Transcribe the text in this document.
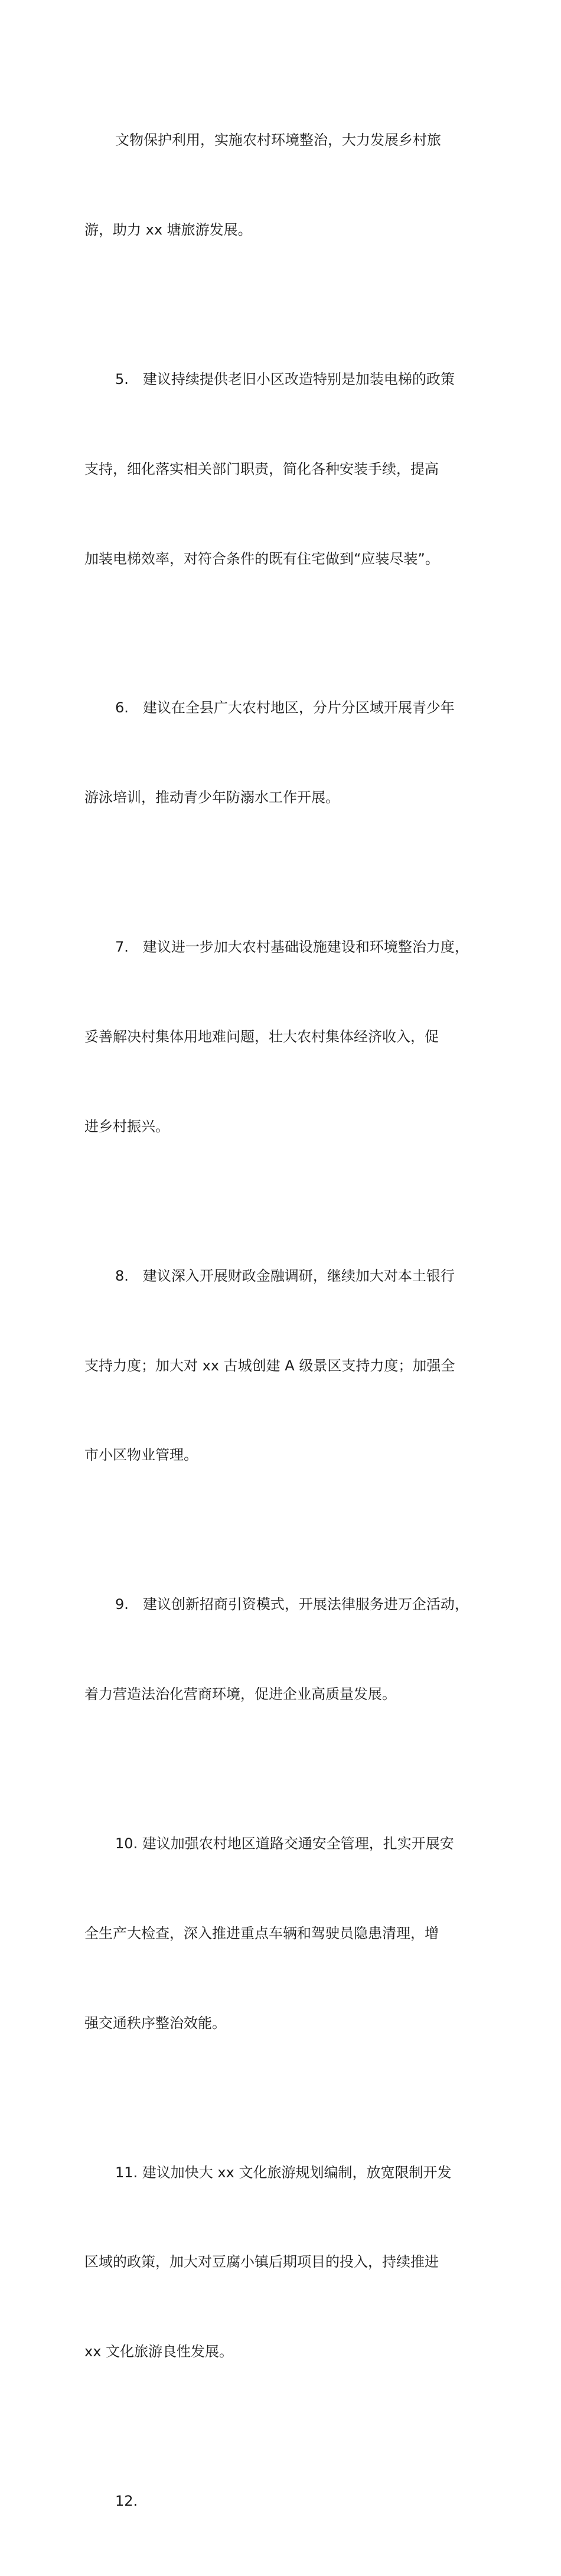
文物保护利用，实施农村环境整治，大力发展乡村旅

游，助力 xx 塘旅游发展。

5.　建议持续提供老旧小区改造特别是加装电梯的政策

支持，细化落实相关部门职责，简化各种安装手续，提高

加装电梯效率，对符合条件的既有住宅做到“应装尽装”。

6.　建议在全县广大农村地区，分片分区域开展青少年

游泳培训，推动青少年防溺水工作开展。

7.　建议进一步加大农村基础设施建设和环境整治力度，

妥善解决村集体用地难问题，壮大农村集体经济收入，促

进乡村振兴。

8.　建议深入开展财政金融调研，继续加大对本土银行

支持力度；加大对 xx 古城创建 A 级景区支持力度；加强全

市小区物业管理。

9.　建议创新招商引资模式，开展法律服务进万企活动，

着力营造法治化营商环境，促进企业高质量发展。

10. 建议加强农村地区道路交通安全管理，扎实开展安

全生产大检查，深入推进重点车辆和驾驶员隐患清理，增

强交通秩序整治效能。

11. 建议加快大 xx 文化旅游规划编制，放宽限制开发

区域的政策，加大对豆腐小镇后期项目的投入，持续推进

xx 文化旅游良性发展。

12.
